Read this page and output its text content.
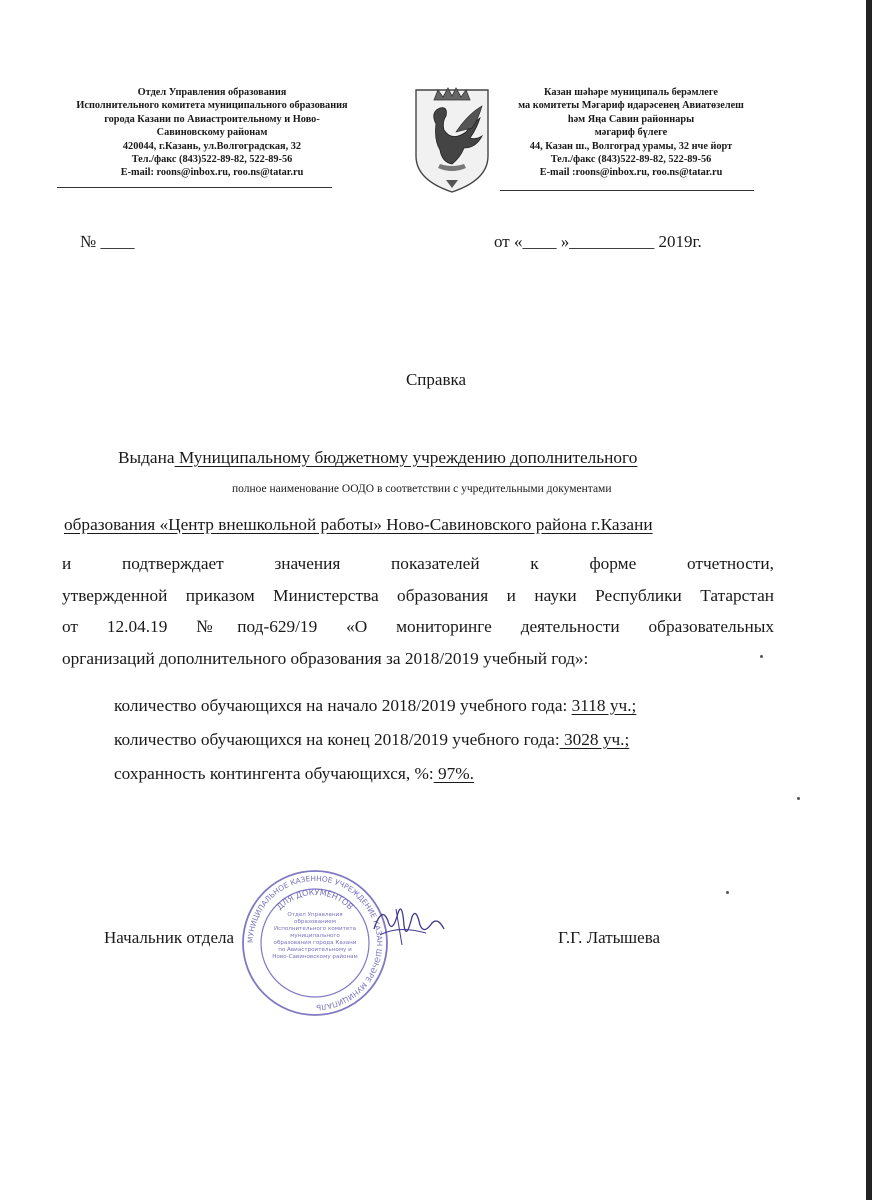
Отдел Управления образования
Исполнительного комитета муниципального образования
города Казани по Авиастроительному и Ново-
Савиновскому районам
420044, г.Казань, ул.Волгоградская, 32
Тел./факс (843)522-89-82, 522-89-56
E-mail: roons@inbox.ru, roo.ns@tatar.ru
Казан шәһәре муниципаль берәмлеге
ма комитеты Мәгариф идарәсенең Авиатөзелеш
һәм Яңа Савин районнары
мәгариф бүлеге
44, Казан ш., Волгоград урамы, 32 нче йорт
Тел./факс (843)522-89-82, 522-89-56
E-mail :roons@inbox.ru, roo.ns@tatar.ru
№ ____	от «____ »__________ 2019г.
Справка
Выдана Муниципальному бюджетному учреждению дополнительного
полное наименование ООДО в соответствии с учредительными документами
образования «Центр внешкольной работы» Ново-Савиновского района г.Казани
и подтверждает значения показателей к форме отчетности,
утвержденной приказом Министерства образования и науки Республики Татарстан
от 12.04.19 №под-629/19 «О мониторинге деятельности образовательных
организаций дополнительного образования за 2018/2019 учебный год»:
количество обучающихся на начало 2018/2019 учебного года: 3118 уч.;
количество обучающихся на конец 2018/2019 учебного года: 3028 уч.;
сохранность контингента обучающихся, %: 97%.
МУНИЦИПАЛЬНОЕ КАЗЕННОЕ УЧРЕЖДЕНИЕ КАЗАН ШӘҺӘРЕ МУНИЦИПАЛЬ
ДЛЯ ДОКУМЕНТОВ
Отдел Управления образованием Исполнительного комитета муниципального образования города Казани по Авиастроительному и Ново-Савиновскому районам
Начальник отдела	Г.Г. Латышева
